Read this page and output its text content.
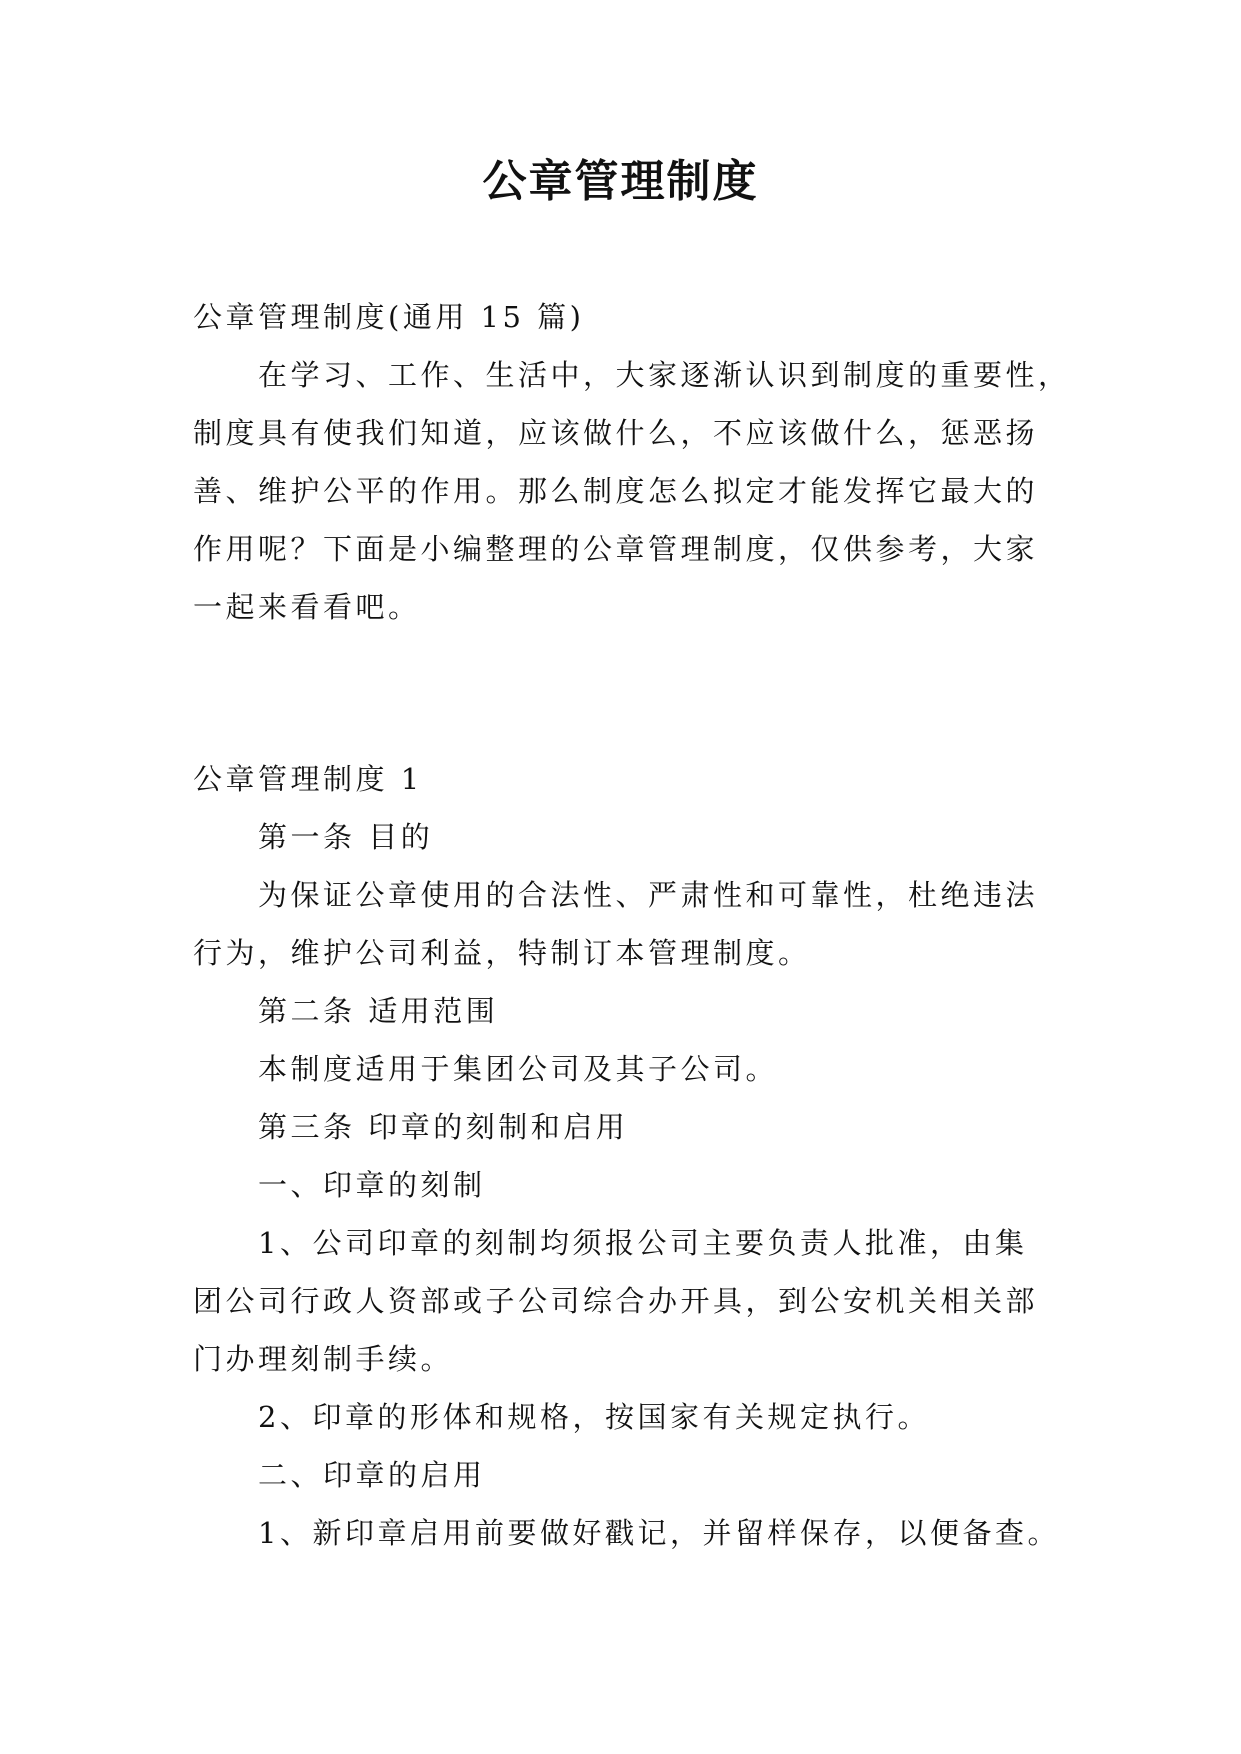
公章管理制度

公章管理制度(通用 15 篇)

在学习、工作、生活中，大家逐渐认识到制度的重要性，

制度具有使我们知道，应该做什么，不应该做什么，惩恶扬

善、维护公平的作用。那么制度怎么拟定才能发挥它最大的

作用呢？下面是小编整理的公章管理制度，仅供参考，大家

一起来看看吧。

公章管理制度 1

第一条 目的

为保证公章使用的合法性、严肃性和可靠性，杜绝违法

行为，维护公司利益，特制订本管理制度。

第二条 适用范围

本制度适用于集团公司及其子公司。

第三条 印章的刻制和启用

一、印章的刻制

1、公司印章的刻制均须报公司主要负责人批准，由集

团公司行政人资部或子公司综合办开具，到公安机关相关部

门办理刻制手续。

2、印章的形体和规格，按国家有关规定执行。

二、印章的启用

1、新印章启用前要做好戳记，并留样保存，以便备查。
